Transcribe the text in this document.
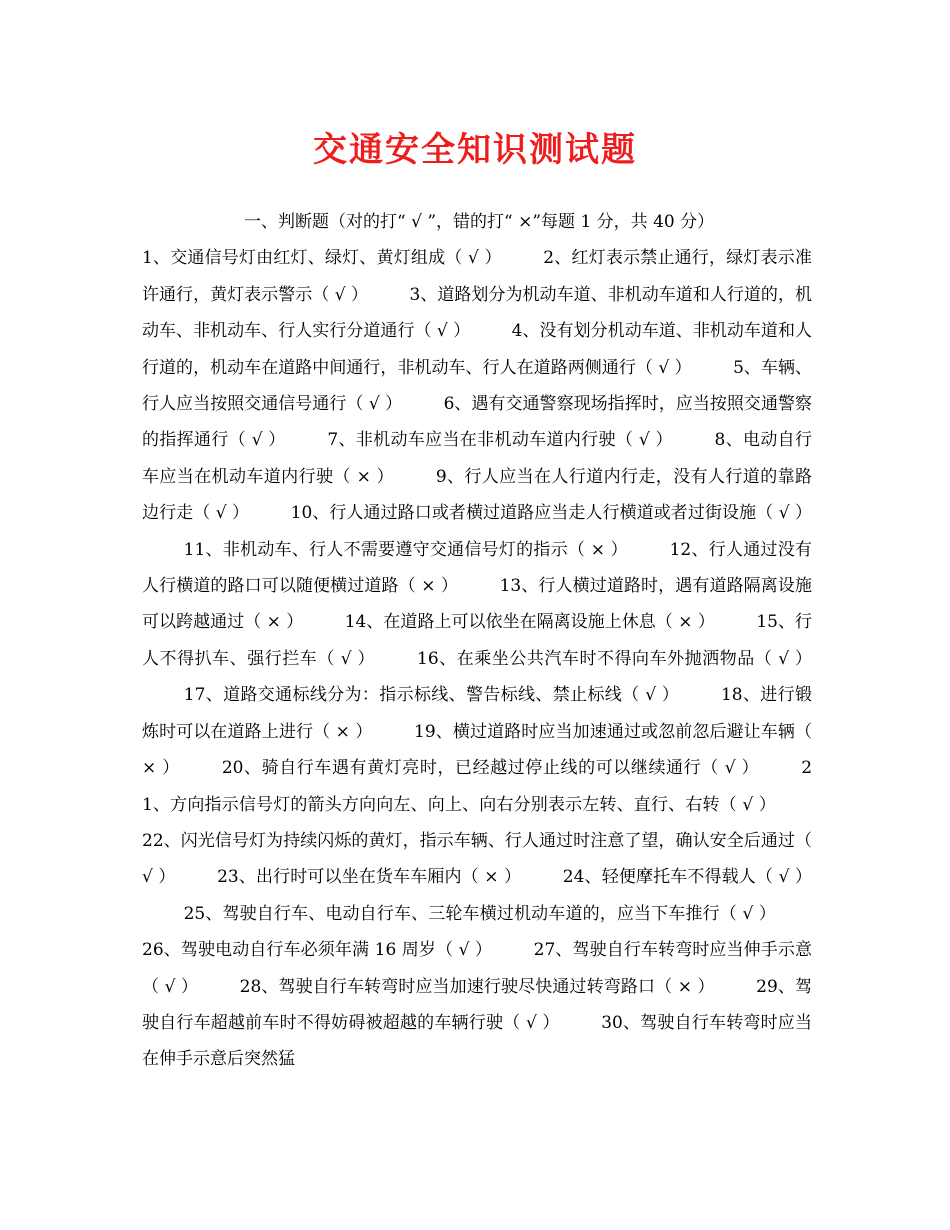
交通安全知识测试题
一、判断题（对的打“ √ ”，错的打“ ×”每题 1 分，共 40 分）
1、交通信号灯由红灯、绿灯、黄灯组成（ √ ） 2、红灯表示禁止通行，绿灯表示准许通行，黄灯表示警示（ √ ） 3、道路划分为机动车道、非机动车道和人行道的，机动车、非机动车、行人实行分道通行（ √ ） 4、没有划分机动车道、非机动车道和人行道的，机动车在道路中间通行，非机动车、行人在道路两侧通行（ √ ） 5、车辆、行人应当按照交通信号通行（ √ ） 6、遇有交通警察现场指挥时，应当按照交通警察的指挥通行（ √ ） 7、非机动车应当在非机动车道内行驶（ √ ） 8、电动自行车应当在机动车道内行驶（ × ） 9、行人应当在人行道内行走，没有人行道的靠路边行走（ √ ） 10、行人通过路口或者横过道路应当走人行横道或者过街设施（ √ ） 11、非机动车、行人不需要遵守交通信号灯的指示（ × ） 12、行人通过没有人行横道的路口可以随便横过道路（ × ） 13、行人横过道路时，遇有道路隔离设施可以跨越通过（ × ） 14、在道路上可以依坐在隔离设施上休息（ × ） 15、行人不得扒车、强行拦车（ √ ） 16、在乘坐公共汽车时不得向车外抛洒物品（ √ ） 17、道路交通标线分为：指示标线、警告标线、禁止标线（ √ ） 18、进行锻炼时可以在道路上进行（ × ） 19、横过道路时应当加速通过或忽前忽后避让车辆（ × ） 20、骑自行车遇有黄灯亮时，已经越过停止线的可以继续通行（ √ ） 21、方向指示信号灯的箭头方向向左、向上、向右分别表示左转、直行、右转（ √ ） 22、闪光信号灯为持续闪烁的黄灯，指示车辆、行人通过时注意了望，确认安全后通过（ √ ） 23、出行时可以坐在货车车厢内（ × ） 24、轻便摩托车不得载人（ √ ） 25、驾驶自行车、电动自行车、三轮车横过机动车道的，应当下车推行（ √ ） 26、驾驶电动自行车必须年满 16 周岁（ √ ） 27、驾驶自行车转弯时应当伸手示意（ √ ） 28、驾驶自行车转弯时应当加速行驶尽快通过转弯路口（ × ） 29、驾驶自行车超越前车时不得妨碍被超越的车辆行驶（ √ ） 30、驾驶自行车转弯时应当在伸手示意后突然猛
